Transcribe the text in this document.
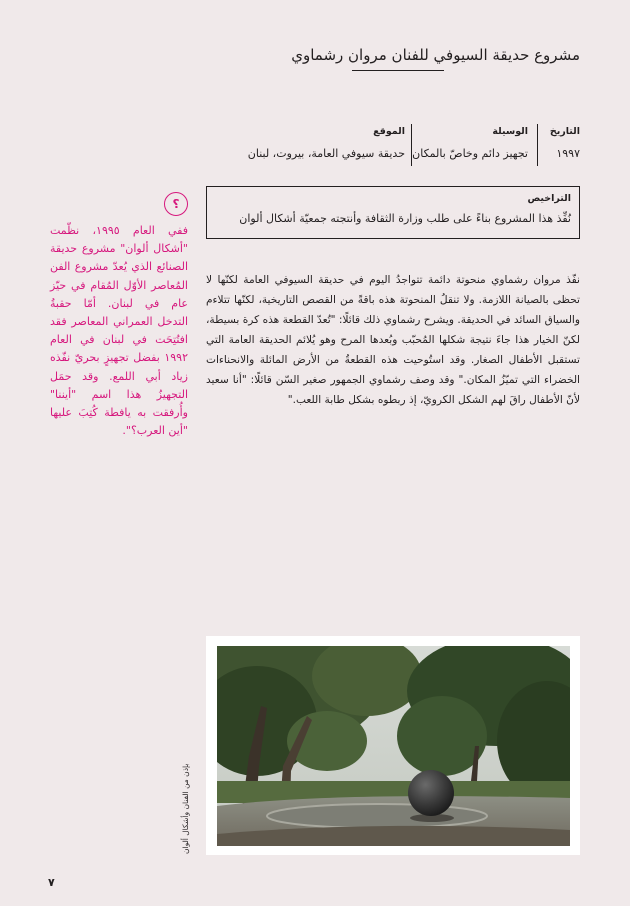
مشروع حديقة السيوفي للفنان مروان رشماوي
التاريخ
١٩٩٧
الوسيلة
تجهيز دائم وخاصّ بالمكان
الموقع
حديقة سيوفي العامة، بيروت، لبنان
التراخيص
نُفِّذ هذا المشروع بناءً على طلب وزارة الثقافة وأنتجته جمعيّة أشكال ألوان
نفّذ مروان رشماوي منحوتة دائمة تتواجدُ اليوم في حديقة السيوفي العامة لكنّها لا تحظى بالصيانة اللازمة. ولا تنقلُ المنحوتة هذه باقةً من القصص التاريخية، لكنّها تتلاءم والسياق السائد في الحديقة. ويشرح رشماوي ذلك قائلًا: "تُعدّ القطعة هذه كرة بسيطة، لكنّ الخيار هذا جاءَ نتيجة شكلها المُحبّب وبُعدها المرح وهو يُلائم الحديقة العامة التي تستقبل الأطفال الصغار. وقد استُوحيت هذه القطعةُ من الأرض المائلة والانحناءات الخضراء التي تميّزُ المكان." وقد وصف رشماوي الجمهور صغير السّن قائلًا: "أنا سعيد لأنّ الأطفال راقَ لهم الشكل الكرويّ، إذ ربطوه بشكل طابة اللعب."
؟
ففي العام ١٩٩٥، نظّمت "أشكال ألوان" مشروع حديقة الصنائع الذي يُعدّ مشروع الفن المُعاصر الأوّل المُقام في حيّز عام في لبنان. أمّا حقبةُ التدخل العمراني المعاصر فقد افتُتِحَت في لبنان في العام ١٩٩٢ بفضل تجهيزٍ بحريّ نفّذه زياد أبي اللمع. وقد حمَل التجهيزُ هذا اسم "أيننا" وأُرفقت به يافطة كُتِبَ عليها "أين العرب؟".
بإذن من الفنان وأشكال ألوان
٧
